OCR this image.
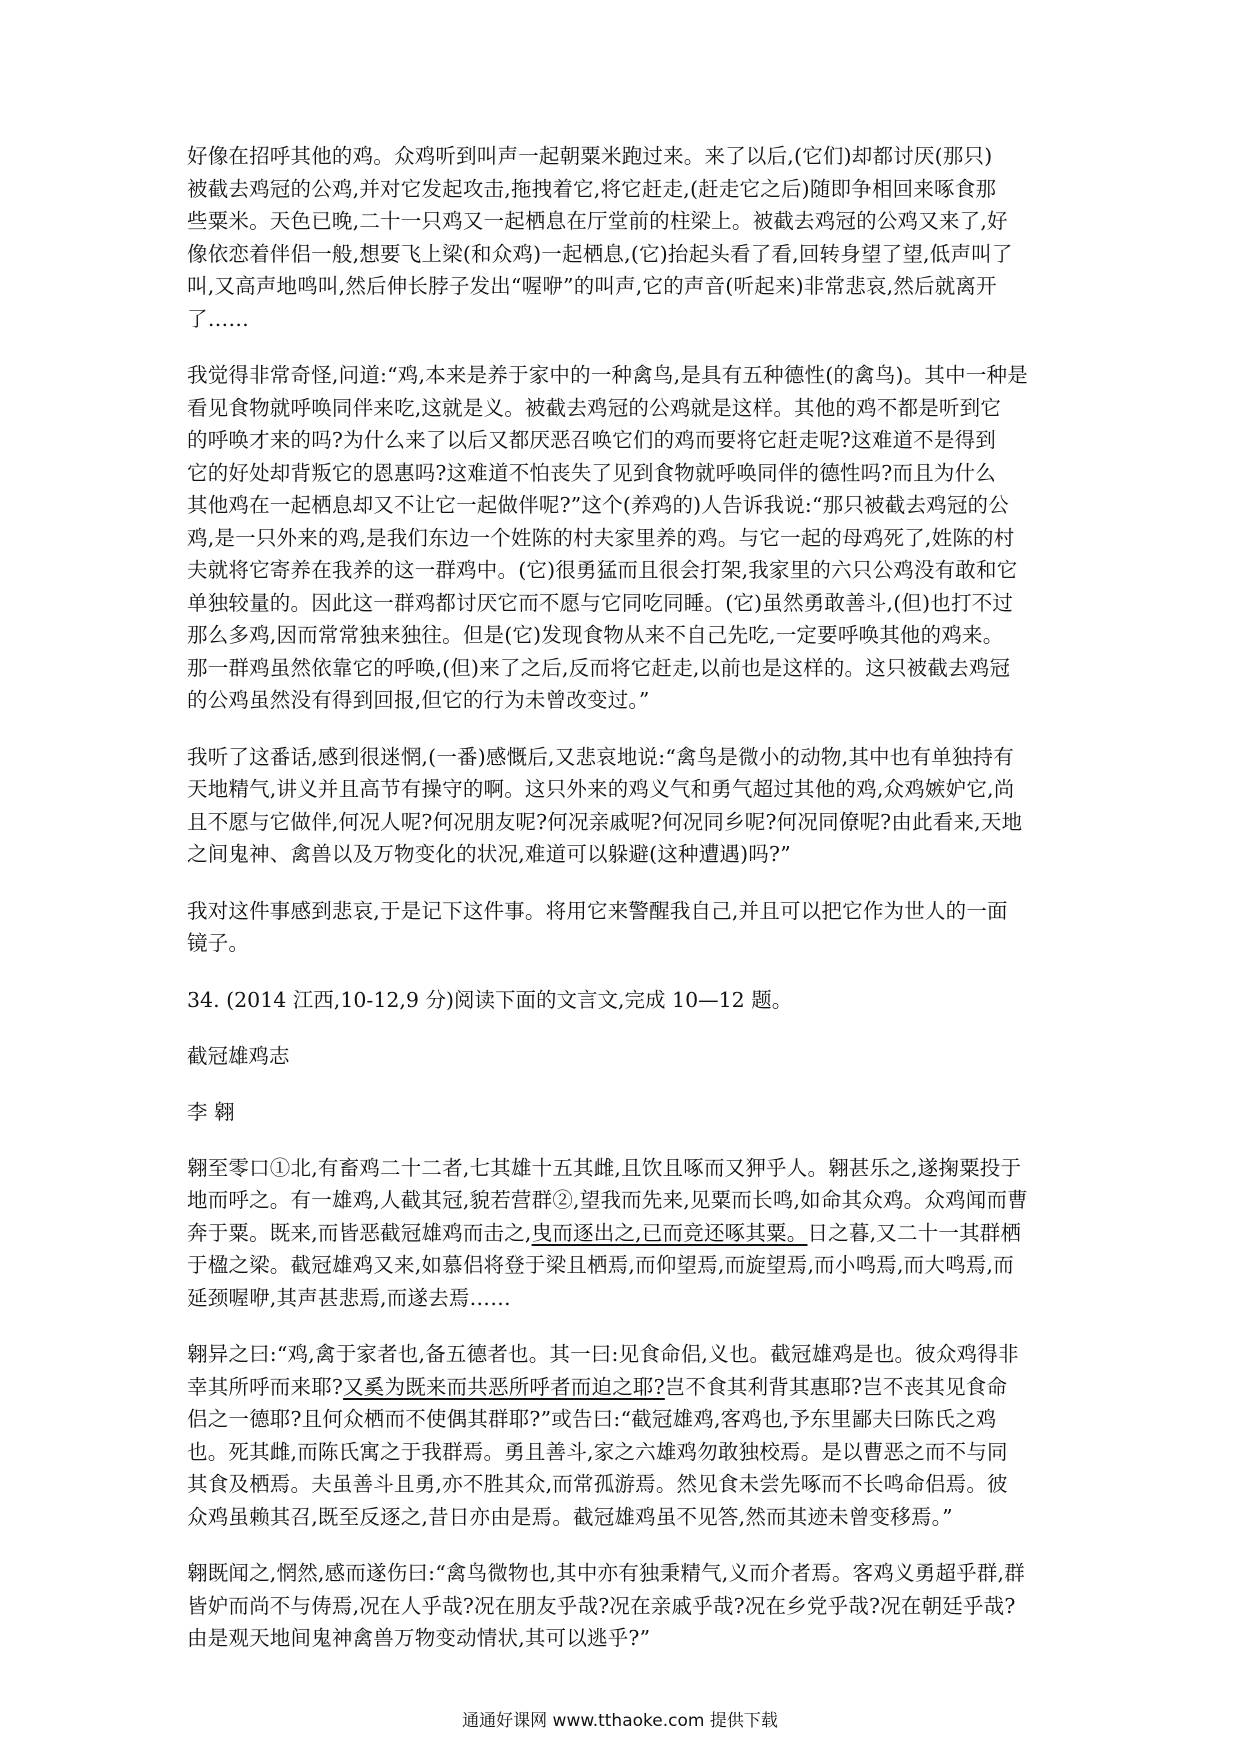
好像在招呼其他的鸡。众鸡听到叫声一起朝粟米跑过来。来了以后,(它们)却都讨厌(那只)

被截去鸡冠的公鸡,并对它发起攻击,拖拽着它,将它赶走,(赶走它之后)随即争相回来啄食那

些粟米。天色已晚,二十一只鸡又一起栖息在厅堂前的柱梁上。被截去鸡冠的公鸡又来了,好

像依恋着伴侣一般,想要飞上梁(和众鸡)一起栖息,(它)抬起头看了看,回转身望了望,低声叫了

叫,又高声地鸣叫,然后伸长脖子发出“喔咿”的叫声,它的声音(听起来)非常悲哀,然后就离开

了……

我觉得非常奇怪,问道:“鸡,本来是养于家中的一种禽鸟,是具有五种德性(的禽鸟)。其中一种是

看见食物就呼唤同伴来吃,这就是义。被截去鸡冠的公鸡就是这样。其他的鸡不都是听到它

的呼唤才来的吗?为什么来了以后又都厌恶召唤它们的鸡而要将它赶走呢?这难道不是得到

它的好处却背叛它的恩惠吗?这难道不怕丧失了见到食物就呼唤同伴的德性吗?而且为什么

其他鸡在一起栖息却又不让它一起做伴呢?”这个(养鸡的)人告诉我说:“那只被截去鸡冠的公

鸡,是一只外来的鸡,是我们东边一个姓陈的村夫家里养的鸡。与它一起的母鸡死了,姓陈的村

夫就将它寄养在我养的这一群鸡中。(它)很勇猛而且很会打架,我家里的六只公鸡没有敢和它

单独较量的。因此这一群鸡都讨厌它而不愿与它同吃同睡。(它)虽然勇敢善斗,(但)也打不过

那么多鸡,因而常常独来独往。但是(它)发现食物从来不自己先吃,一定要呼唤其他的鸡来。

那一群鸡虽然依靠它的呼唤,(但)来了之后,反而将它赶走,以前也是这样的。这只被截去鸡冠

的公鸡虽然没有得到回报,但它的行为未曾改变过。”

我听了这番话,感到很迷惘,(一番)感慨后,又悲哀地说:“禽鸟是微小的动物,其中也有单独持有

天地精气,讲义并且高节有操守的啊。这只外来的鸡义气和勇气超过其他的鸡,众鸡嫉妒它,尚

且不愿与它做伴,何况人呢?何况朋友呢?何况亲戚呢?何况同乡呢?何况同僚呢?由此看来,天地

之间鬼神、禽兽以及万物变化的状况,难道可以躲避(这种遭遇)吗?”

我对这件事感到悲哀,于是记下这件事。将用它来警醒我自己,并且可以把它作为世人的一面

镜子。

34. (2014 江西,10-12,9 分)阅读下面的文言文,完成 10—12 题。

截冠雄鸡志

李 翱

翱至零口①北,有畜鸡二十二者,七其雄十五其雌,且饮且啄而又狎乎人。翱甚乐之,遂掬粟投于

地而呼之。有一雄鸡,人截其冠,貌若营群②,望我而先来,见粟而长鸣,如命其众鸡。众鸡闻而曹

奔于粟。既来,而皆恶截冠雄鸡而击之,曳而逐出之,已而竞还啄其粟。日之暮,又二十一其群栖

于楹之梁。截冠雄鸡又来,如慕侣将登于梁且栖焉,而仰望焉,而旋望焉,而小鸣焉,而大鸣焉,而

延颈喔咿,其声甚悲焉,而遂去焉……

翱异之曰:“鸡,禽于家者也,备五德者也。其一曰:见食命侣,义也。截冠雄鸡是也。彼众鸡得非

幸其所呼而来耶?又奚为既来而共恶所呼者而迫之耶?岂不食其利背其惠耶?岂不丧其见食命

侣之一德耶?且何众栖而不使偶其群耶?”或告曰:“截冠雄鸡,客鸡也,予东里鄙夫曰陈氏之鸡

也。死其雌,而陈氏寓之于我群焉。勇且善斗,家之六雄鸡勿敢独校焉。是以曹恶之而不与同

其食及栖焉。夫虽善斗且勇,亦不胜其众,而常孤游焉。然见食未尝先啄而不长鸣命侣焉。彼

众鸡虽赖其召,既至反逐之,昔日亦由是焉。截冠雄鸡虽不见答,然而其迹未曾变移焉。”

翱既闻之,惘然,感而遂伤曰:“禽鸟微物也,其中亦有独秉精气,义而介者焉。客鸡义勇超乎群,群

皆妒而尚不与俦焉,况在人乎哉?况在朋友乎哉?况在亲戚乎哉?况在乡党乎哉?况在朝廷乎哉?

由是观天地间鬼神禽兽万物变动情状,其可以逃乎?”

通通好课网 www.tthaoke.com 提供下载
